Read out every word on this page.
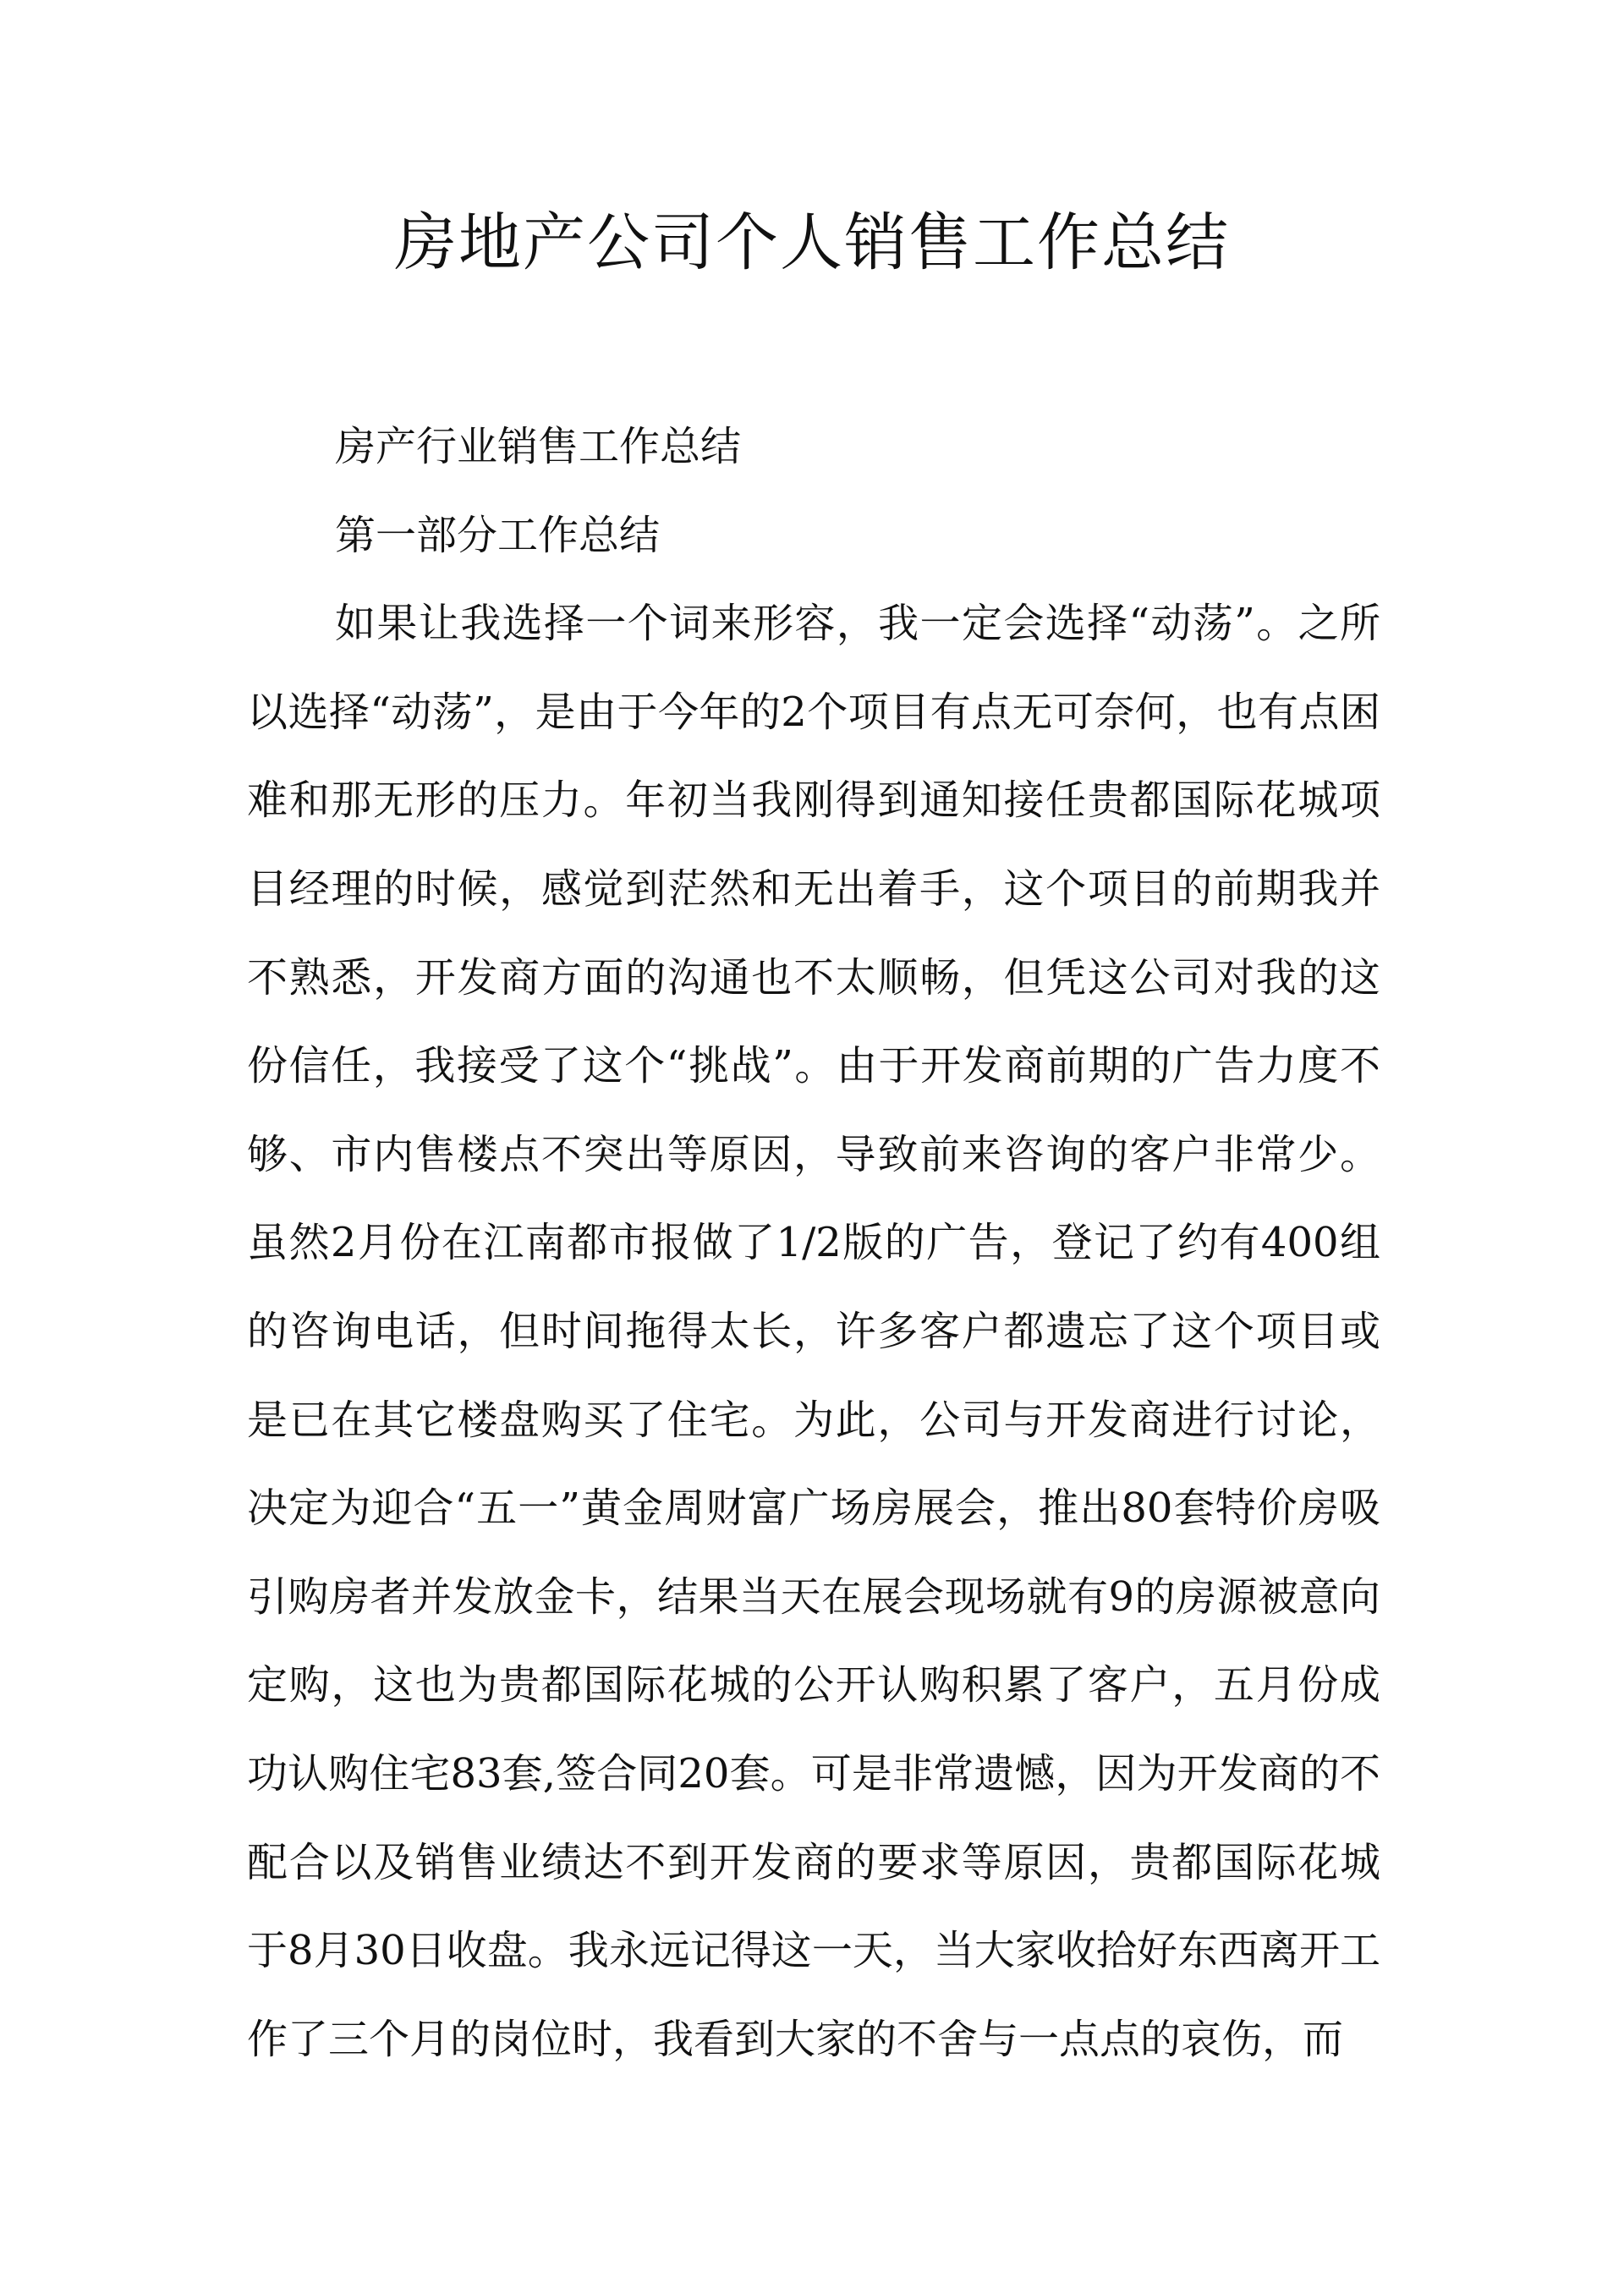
房地产公司个人销售工作总结

房产行业销售工作总结

第一部分工作总结

如果让我选择一个词来形容，我一定会选择“动荡”。之所以选择“动荡”，是由于今年的2个项目有点无可奈何，也有点困难和那无形的压力。年初当我刚得到通知接任贵都国际花城项目经理的时候，感觉到茫然和无出着手，这个项目的前期我并不熟悉，开发商方面的沟通也不太顺畅，但凭这公司对我的这份信任，我接受了这个“挑战”。由于开发商前期的广告力度不够、市内售楼点不突出等原因，导致前来咨询的客户非常少。虽然2月份在江南都市报做了1/2版的广告，登记了约有400组的咨询电话，但时间拖得太长，许多客户都遗忘了这个项目或是已在其它楼盘购买了住宅。为此，公司与开发商进行讨论，决定为迎合“五一”黄金周财富广场房展会，推出80套特价房吸引购房者并发放金卡，结果当天在展会现场就有9的房源被意向定购，这也为贵都国际花城的公开认购积累了客户，五月份成功认购住宅83套,签合同20套。可是非常遗憾，因为开发商的不配合以及销售业绩达不到开发商的要求等原因，贵都国际花城于8月30日收盘。我永远记得这一天，当大家收拾好东西离开工作了三个月的岗位时，我看到大家的不舍与一点点的哀伤，而
